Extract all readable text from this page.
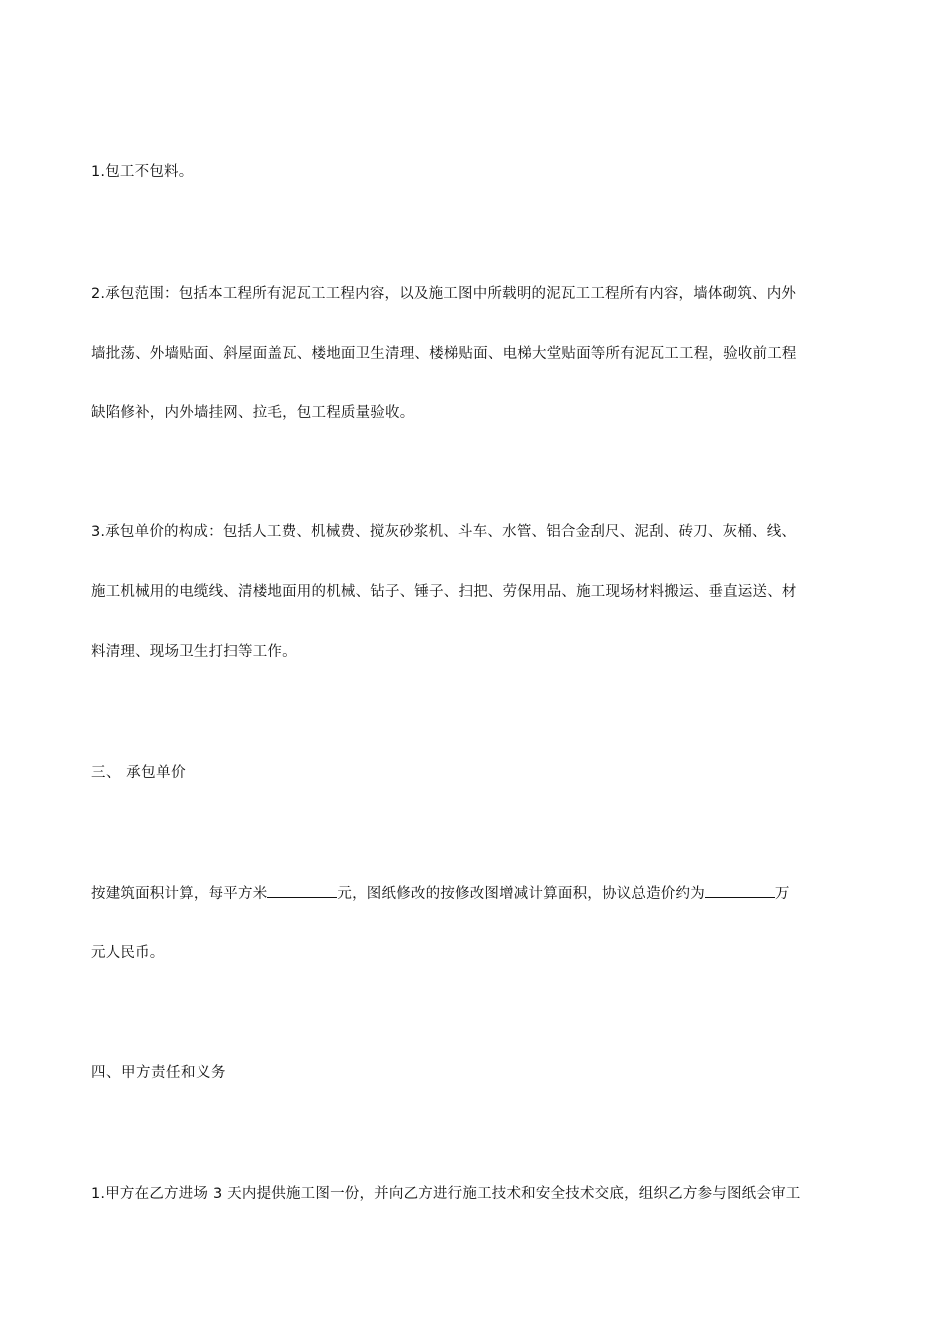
1.包工不包料。
2.承包范围：包括本工程所有泥瓦工工程内容，以及施工图中所载明的泥瓦工工程所有内容，墙体砌筑、内外
墙批荡、外墙贴面、斜屋面盖瓦、楼地面卫生清理、楼梯贴面、电梯大堂贴面等所有泥瓦工工程，验收前工程
缺陷修补，内外墙挂网、拉毛，包工程质量验收。
3.承包单价的构成：包括人工费、机械费、搅灰砂浆机、斗车、水管、铝合金刮尺、泥刮、砖刀、灰桶、线、
施工机械用的电缆线、清楼地面用的机械、钻子、锤子、扫把、劳保用品、施工现场材料搬运、垂直运送、材
料清理、现场卫生打扫等工作。
三、 承包单价
按建筑面积计算，每平方米	元，图纸修改的按修改图增减计算面积，协议总造价约为	万
元人民币。
四、甲方责任和义务
1.甲方在乙方进场 3 天内提供施工图一份，并向乙方进行施工技术和安全技术交底，组织乙方参与图纸会审工
